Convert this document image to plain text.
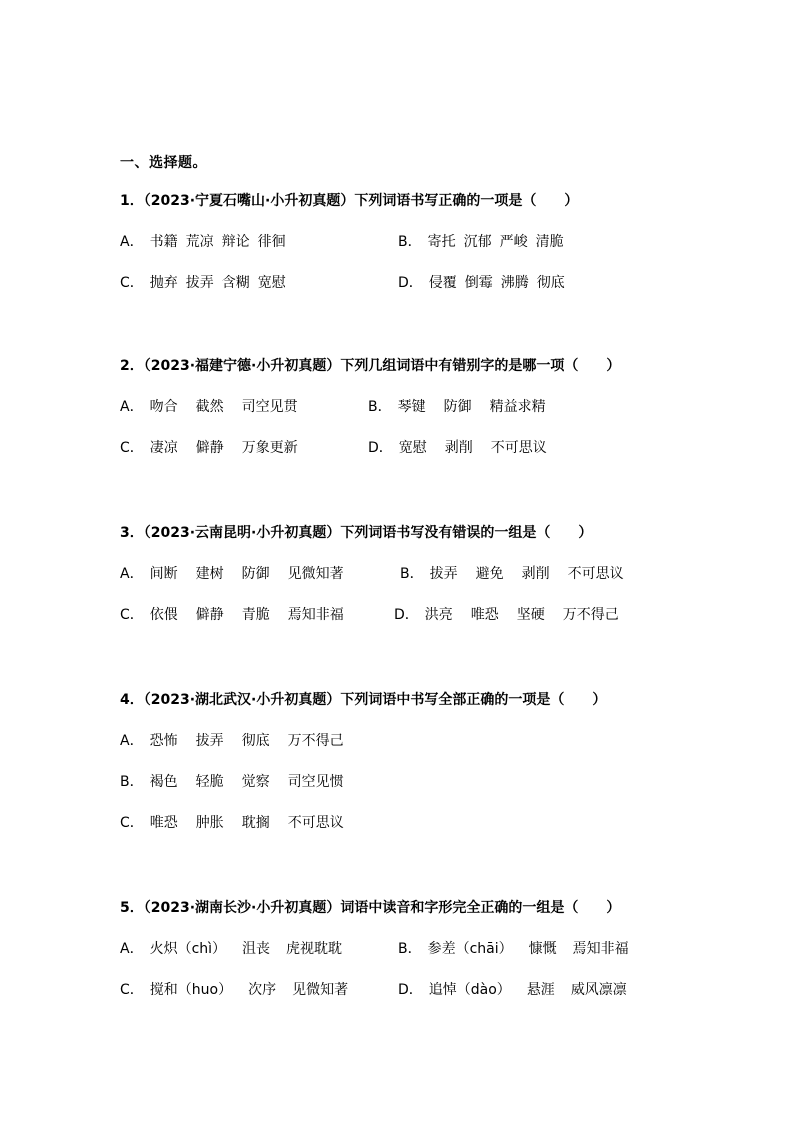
一、选择题。
1．（2023·宁夏石嘴山·小升初真题）下列词语书写正确的一项是（　　）
A． 书籍 荒凉 辩论 徘徊	B． 寄托 沉郁 严峻 清脆
C． 抛弃 拔弄 含糊 宽慰	D． 侵覆 倒霉 沸腾 彻底
2．（2023·福建宁德·小升初真题）下列几组词语中有错别字的是哪一项（　　）
A． 吻合 截然 司空见贯	B． 琴键 防御 精益求精
C． 凄凉 僻静 万象更新	D． 宽慰 剥削 不可思议
3．（2023·云南昆明·小升初真题）下列词语书写没有错误的一组是（　　）
A． 间断 建树 防御 见微知著	B． 拔弄 避免 剥削 不可思议
C． 依偎 僻静 青脆 焉知非福	D． 洪亮 唯恐 坚硬 万不得己
4．（2023·湖北武汉·小升初真题）下列词语中书写全部正确的一项是（　　）
A． 恐怖 拔弄 彻底 万不得己
B． 褐色 轻脆 觉察 司空见惯
C． 唯恐 肿胀 耽搁 不可思议
5．（2023·湖南长沙·小升初真题）词语中读音和字形完全正确的一组是（　　）
A． 火炽（chì） 沮丧 虎视耽耽	B． 参差（chāi） 慷慨 焉知非福
C． 搅和（huo） 次序 见微知著	D． 追悼（dào） 悬涯 威风凛凛
